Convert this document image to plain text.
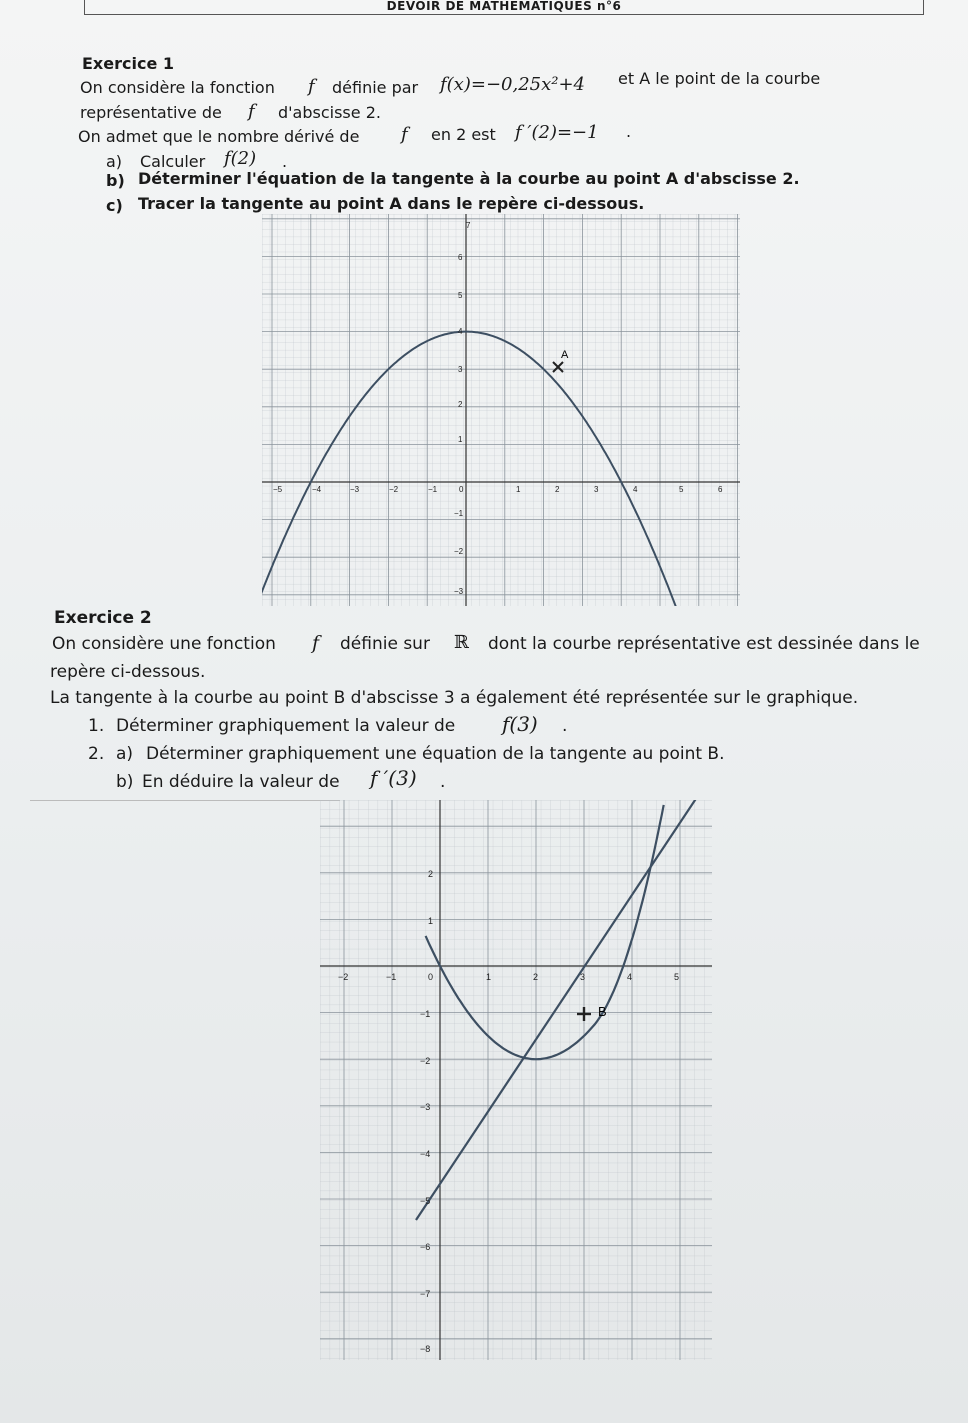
DEVOIR DE MATHÉMATIQUES n°6
Exercice 1
On considère la fonction f définie par f(x)=−0,25x²+4 et A le point de la courbe
représentative de f d'abscisse 2.
On admet que le nombre dérivé de f en 2 est f ′(2)=−1 .
a) Calculer f(2) .
b) Déterminer l'équation de la tangente à la courbe au point A d'abscisse 2.
c) Tracer la tangente au point A dans le repère ci-dessous.
A
−5	−4	−3	−2	−1	0	1	2	3	4	5	6
1
2
3
4
5
6
7
−1
−2
−3
Exercice 2
On considère une fonction f définie sur ℝ dont la courbe représentative est dessinée dans le
repère ci-dessous.
La tangente à la courbe au point B d'abscisse 3 a également été représentée sur le graphique.
1. Déterminer graphiquement la valeur de f(3) .
2. a) Déterminer graphiquement une équation de la tangente au point B.
b) En déduire la valeur de f ′(3) .
B
−2	−1	0	1	2	3	4	5
1
2
−1
−2
−3
−4
−5
−6
−7
−8
